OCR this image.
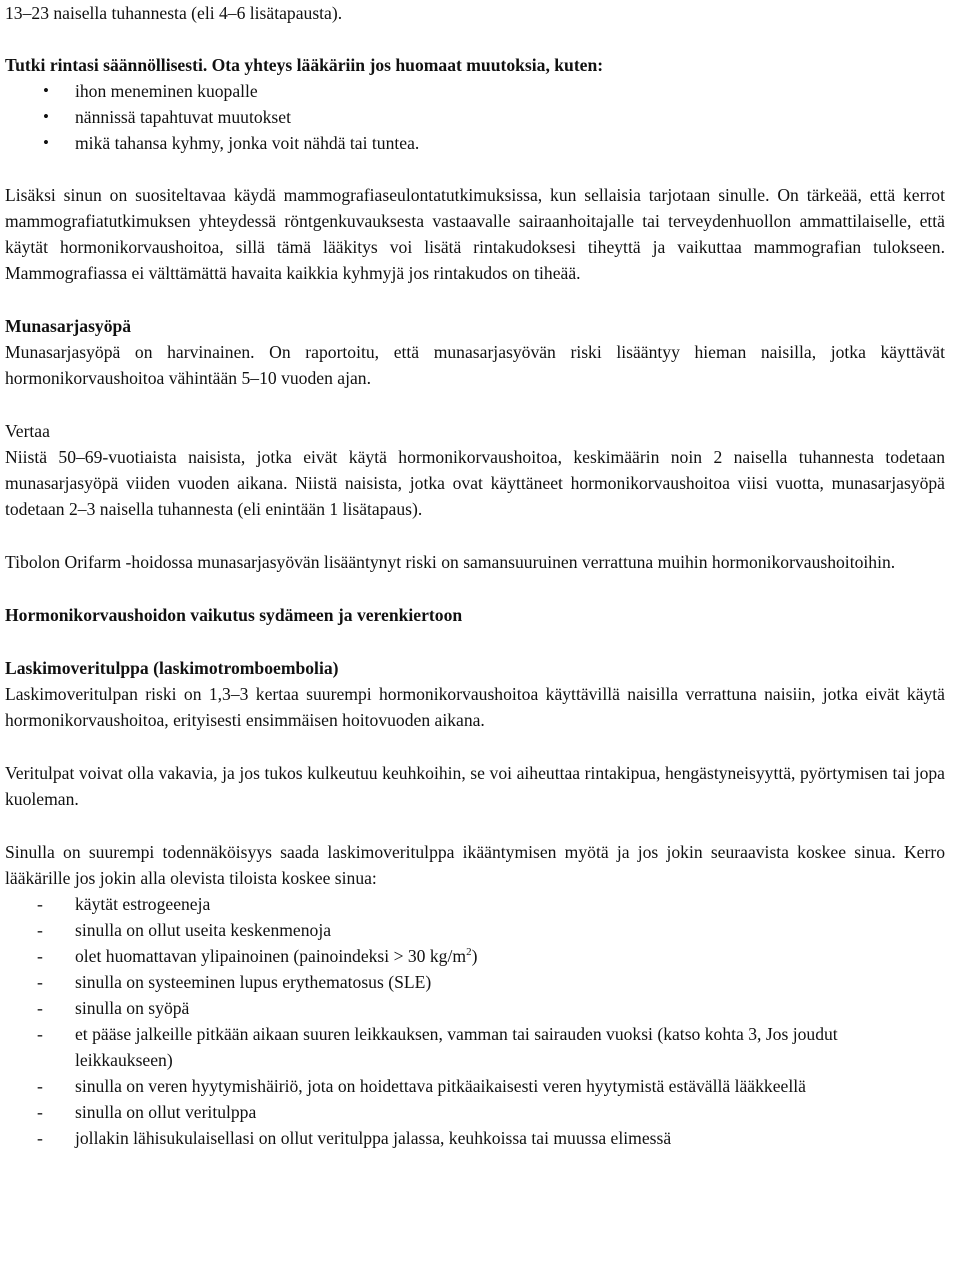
13–23 naisella tuhannesta (eli 4–6 lisätapausta).

Tutki rintasi säännöllisesti. Ota yhteys lääkäriin jos huomaat muutoksia, kuten:

• ihon meneminen kuopalle
• nännissä tapahtuvat muutokset
• mikä tahansa kyhmy, jonka voit nähdä tai tuntea.

Lisäksi sinun on suositeltavaa käydä mammografiaseulontatutkimuksissa, kun sellaisia tarjotaan sinulle. On tärkeää, että kerrot mammografiatutkimuksen yhteydessä röntgenkuvauksesta vastaavalle sairaanhoitajalle tai terveydenhuollon ammattilaiselle, että käytät hormonikorvaushoitoa, sillä tämä lääkitys voi lisätä rintakudoksesi tiheyttä ja vaikuttaa mammografian tulokseen. Mammografiassa ei välttämättä havaita kaikkia kyhmyjä jos rintakudos on tiheää.

Munasarjasyöpä

Munasarjasyöpä on harvinainen. On raportoitu, että munasarjasyövän riski lisääntyy hieman naisilla, jotka käyttävät hormonikorvaushoitoa vähintään 5–10 vuoden ajan.

Vertaa

Niistä 50–69-vuotiaista naisista, jotka eivät käytä hormonikorvaushoitoa, keskimäärin noin 2 naisella tuhannesta todetaan munasarjasyöpä viiden vuoden aikana. Niistä naisista, jotka ovat käyttäneet hormonikorvaushoitoa viisi vuotta, munasarjasyöpä todetaan 2–3 naisella tuhannesta (eli enintään 1 lisätapaus).

Tibolon Orifarm -hoidossa munasarjasyövän lisääntynyt riski on samansuuruinen verrattuna muihin hormonikorvaushoitoihin.

Hormonikorvaushoidon vaikutus sydämeen ja verenkiertoon

Laskimoveritulppa (laskimotromboembolia)

Laskimoveritulpan riski on 1,3–3 kertaa suurempi hormonikorvaushoitoa käyttävillä naisilla verrattuna naisiin, jotka eivät käytä hormonikorvaushoitoa, erityisesti ensimmäisen hoitovuoden aikana.

Veritulpat voivat olla vakavia, ja jos tukos kulkeutuu keuhkoihin, se voi aiheuttaa rintakipua, hengästyneisyyttä, pyörtymisen tai jopa kuoleman.

Sinulla on suurempi todennäköisyys saada laskimoveritulppa ikääntymisen myötä ja jos jokin seuraavista koskee sinua. Kerro lääkärille jos jokin alla olevista tiloista koskee sinua:

- käytät estrogeeneja
- sinulla on ollut useita keskenmenoja
- olet huomattavan ylipainoinen (painoindeksi > 30 $kg/m^2$)
- sinulla on systeeminen lupus erythematosus (SLE)
- sinulla on syöpä
- et pääse jalkeille pitkään aikaan suuren leikkauksen, vamman tai sairauden vuoksi (katso kohta 3, Jos joudut leikkaukseen)
- sinulla on veren hyytymishäiriö, jota on hoidettava pitkäaikaisesti veren hyytymistä estävällä lääkkeellä
- sinulla on ollut veritulppa
- jollakin lähisukulaisellasi on ollut veritulppa jalassa, keuhkoissa tai muussa elimessä
